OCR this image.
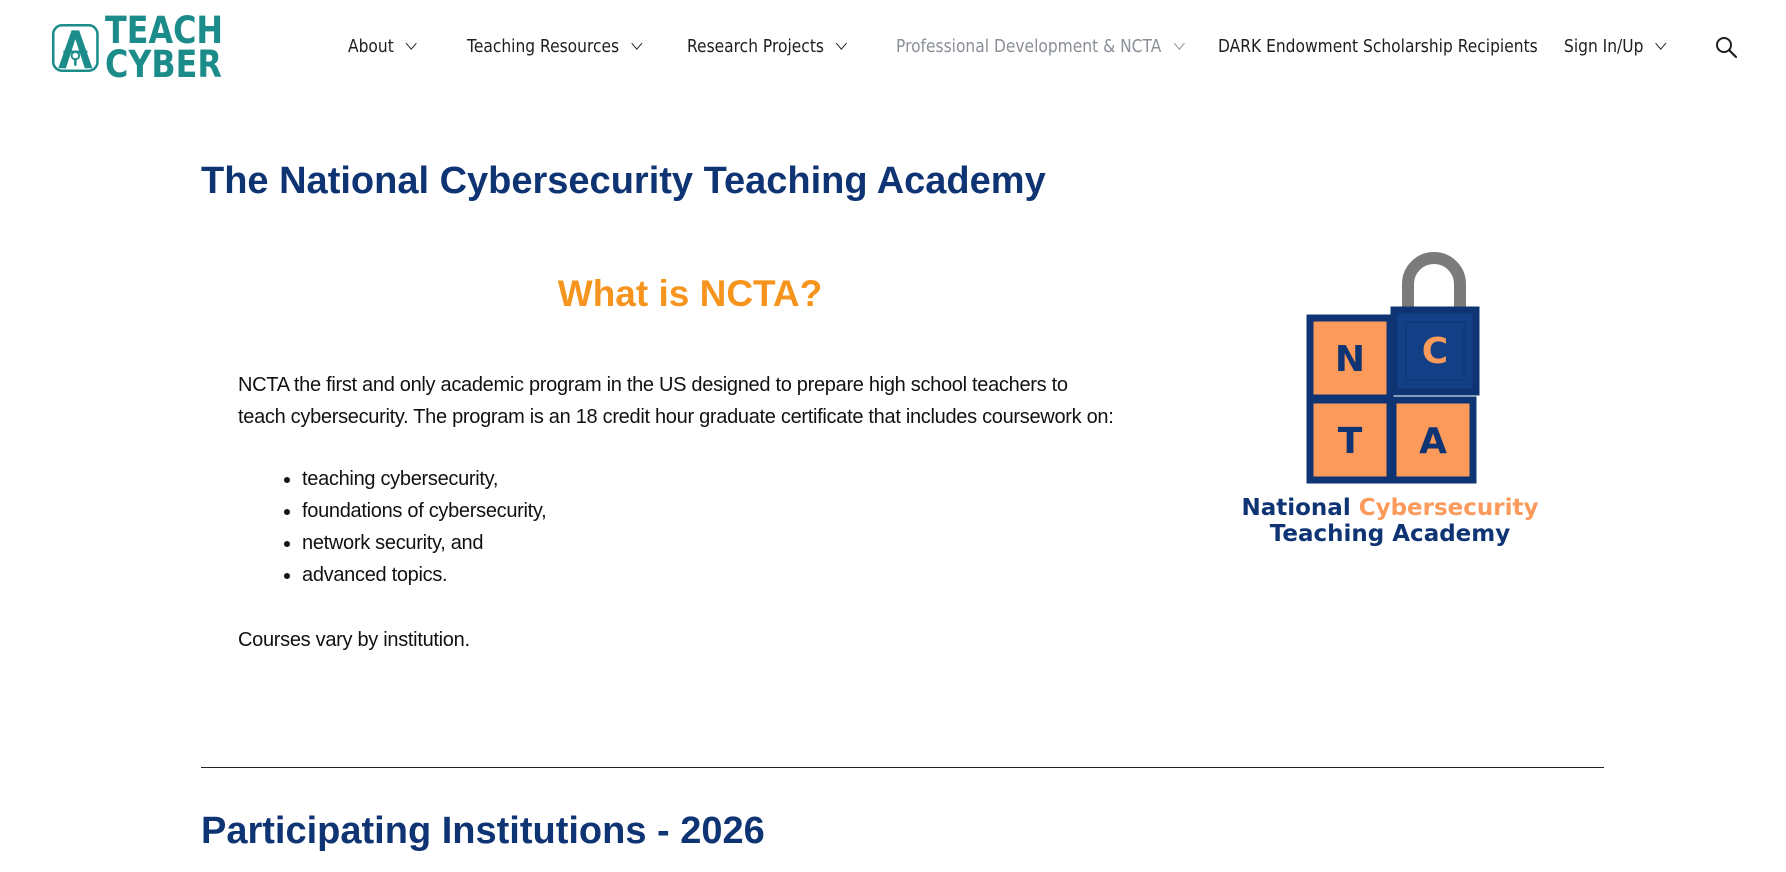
TEACH
CYBER	About	Teaching Resources	Research Projects	Professional Development & NCTA	DARK Endowment Scholarship Recipients Sign In/Up
The National Cybersecurity Teaching Academy
What is NCTA?

NCTA the first and only academic program in the US designed to prepare high school teachers to teach cybersecurity. The program is an 18 credit hour graduate certificate that includes coursework on:

• teaching cybersecurity,
• foundations of cybersecurity,
• network security, and
• advanced topics.

Courses vary by institution.

N C
T A
National Cybersecurity
Teaching Academy
Participating Institutions - 2026
